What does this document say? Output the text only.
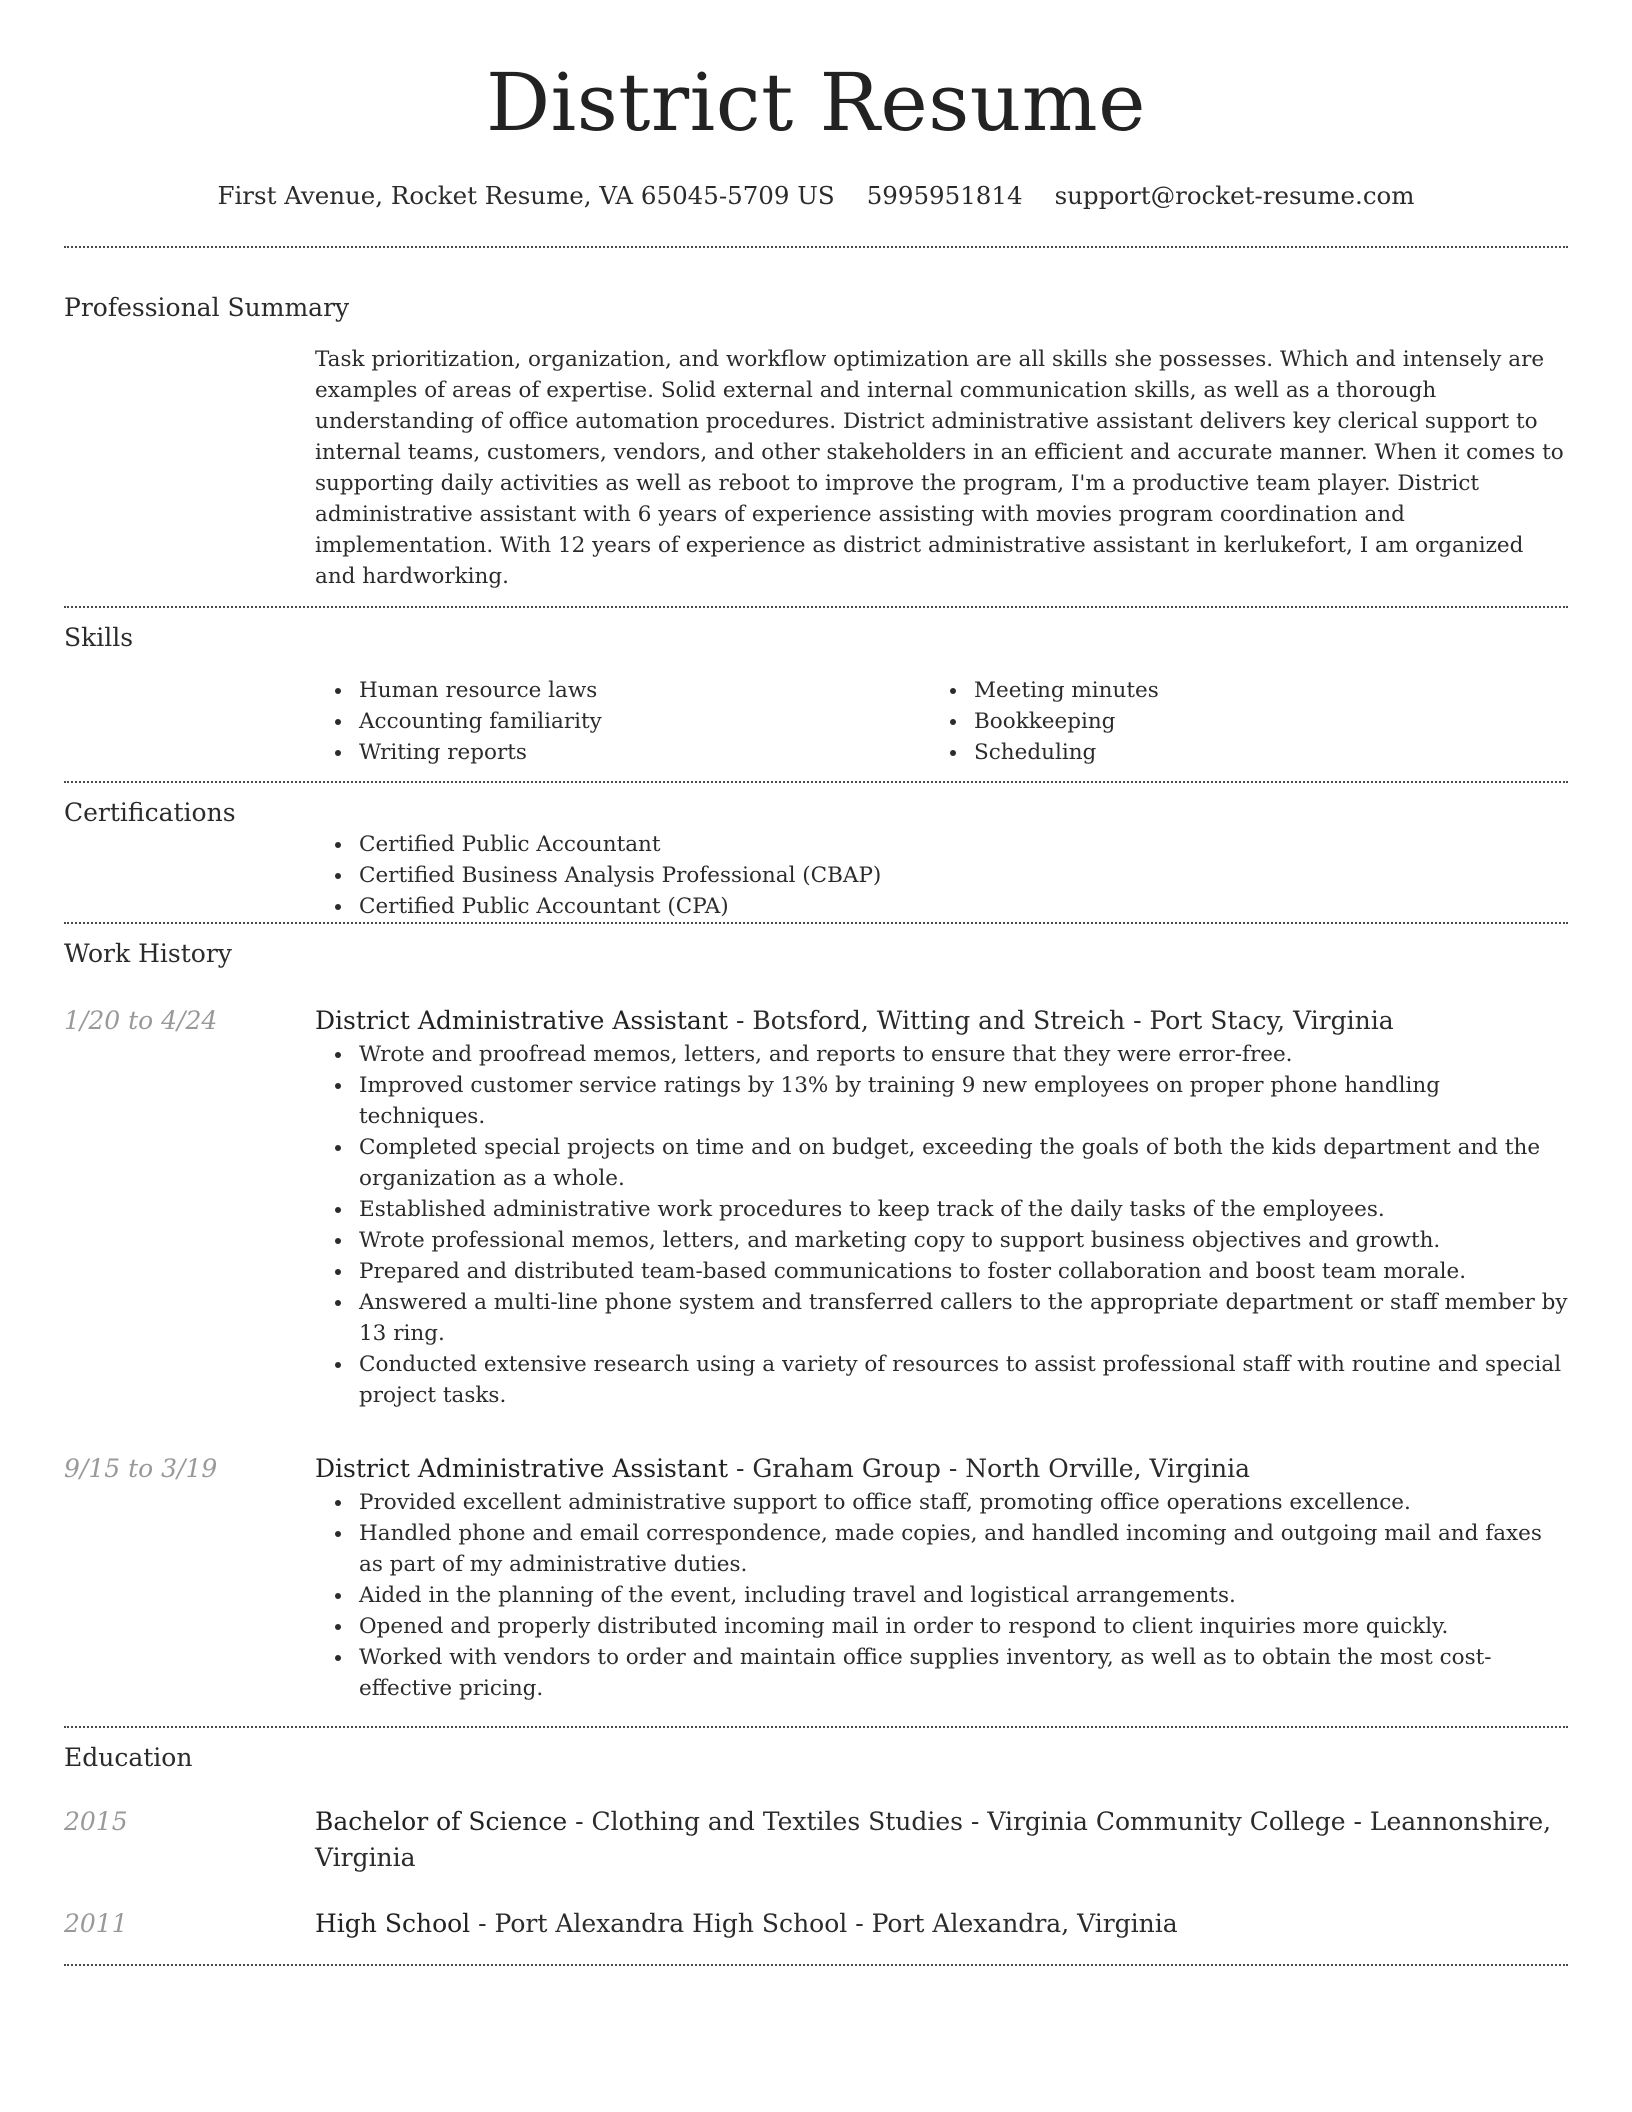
District Resume
First Avenue, Rocket Resume, VA 65045-5709 US 5995951814 support@rocket-resume.com
Professional Summary

Task prioritization, organization, and workflow optimization are all skills she possesses. Which and intensely are examples of areas of expertise. Solid external and internal communication skills, as well as a thorough understanding of office automation procedures. District administrative assistant delivers key clerical support to internal teams, customers, vendors, and other stakeholders in an efficient and accurate manner. When it comes to supporting daily activities as well as reboot to improve the program, I'm a productive team player. District administrative assistant with 6 years of experience assisting with movies program coordination and implementation. With 12 years of experience as district administrative assistant in kerlukefort, I am organized and hardworking.

Skills
Human resource laws
Accounting familiarity
Writing reports
Meeting minutes
Bookkeeping
Scheduling
Certifications
Certified Public Accountant
Certified Business Analysis Professional (CBAP)
Certified Public Accountant (CPA)
Work History
1/20 to 4/24	District Administrative Assistant - Botsford, Witting and Streich - Port Stacy, Virginia
Wrote and proofread memos, letters, and reports to ensure that they were error-free.
Improved customer service ratings by 13% by training 9 new employees on proper phone handling techniques.
Completed special projects on time and on budget, exceeding the goals of both the kids department and the organization as a whole.
Established administrative work procedures to keep track of the daily tasks of the employees.
Wrote professional memos, letters, and marketing copy to support business objectives and growth.
Prepared and distributed team-based communications to foster collaboration and boost team morale.
Answered a multi-line phone system and transferred callers to the appropriate department or staff member by 13 ring.
Conducted extensive research using a variety of resources to assist professional staff with routine and special project tasks.
9/15 to 3/19	District Administrative Assistant - Graham Group - North Orville, Virginia
Provided excellent administrative support to office staff, promoting office operations excellence.
Handled phone and email correspondence, made copies, and handled incoming and outgoing mail and faxes as part of my administrative duties.
Aided in the planning of the event, including travel and logistical arrangements.
Opened and properly distributed incoming mail in order to respond to client inquiries more quickly.
Worked with vendors to order and maintain office supplies inventory, as well as to obtain the most cost-effective pricing.
Education
2015	Bachelor of Science - Clothing and Textiles Studies - Virginia Community College - Leannonshire, Virginia
2011	High School - Port Alexandra High School - Port Alexandra, Virginia
